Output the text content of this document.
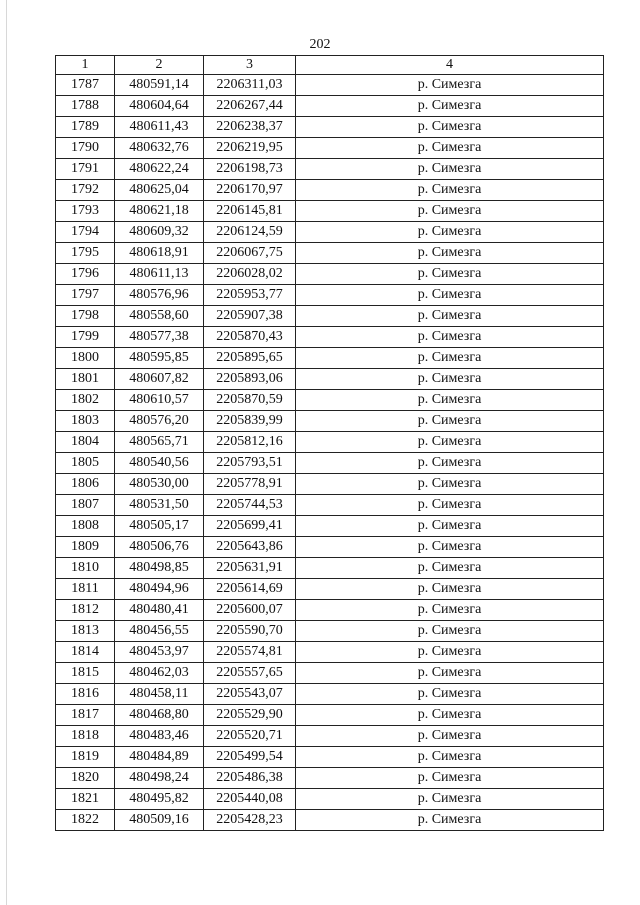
202
1	2	3	4
1787	480591,14	2206311,03	р. Симезга
1788	480604,64	2206267,44	р. Симезга
1789	480611,43	2206238,37	р. Симезга
1790	480632,76	2206219,95	р. Симезга
1791	480622,24	2206198,73	р. Симезга
1792	480625,04	2206170,97	р. Симезга
1793	480621,18	2206145,81	р. Симезга
1794	480609,32	2206124,59	р. Симезга
1795	480618,91	2206067,75	р. Симезга
1796	480611,13	2206028,02	р. Симезга
1797	480576,96	2205953,77	р. Симезга
1798	480558,60	2205907,38	р. Симезга
1799	480577,38	2205870,43	р. Симезга
1800	480595,85	2205895,65	р. Симезга
1801	480607,82	2205893,06	р. Симезга
1802	480610,57	2205870,59	р. Симезга
1803	480576,20	2205839,99	р. Симезга
1804	480565,71	2205812,16	р. Симезга
1805	480540,56	2205793,51	р. Симезга
1806	480530,00	2205778,91	р. Симезга
1807	480531,50	2205744,53	р. Симезга
1808	480505,17	2205699,41	р. Симезга
1809	480506,76	2205643,86	р. Симезга
1810	480498,85	2205631,91	р. Симезга
1811	480494,96	2205614,69	р. Симезга
1812	480480,41	2205600,07	р. Симезга
1813	480456,55	2205590,70	р. Симезга
1814	480453,97	2205574,81	р. Симезга
1815	480462,03	2205557,65	р. Симезга
1816	480458,11	2205543,07	р. Симезга
1817	480468,80	2205529,90	р. Симезга
1818	480483,46	2205520,71	р. Симезга
1819	480484,89	2205499,54	р. Симезга
1820	480498,24	2205486,38	р. Симезга
1821	480495,82	2205440,08	р. Симезга
1822	480509,16	2205428,23	р. Симезга
